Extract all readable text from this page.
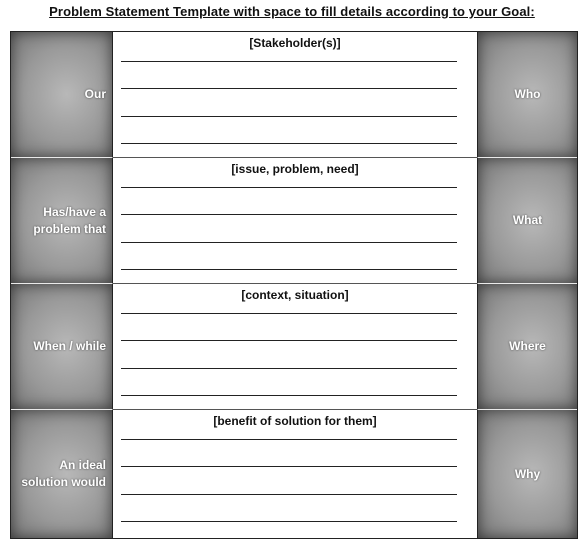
Problem Statement Template with space to fill details according to your Goal:
Our
[Stakeholder(s)]
Who
Has/have a
problem that
[issue, problem, need]
What
When / while
[context, situation]
Where
An ideal
solution would
[benefit of solution for them]
Why
